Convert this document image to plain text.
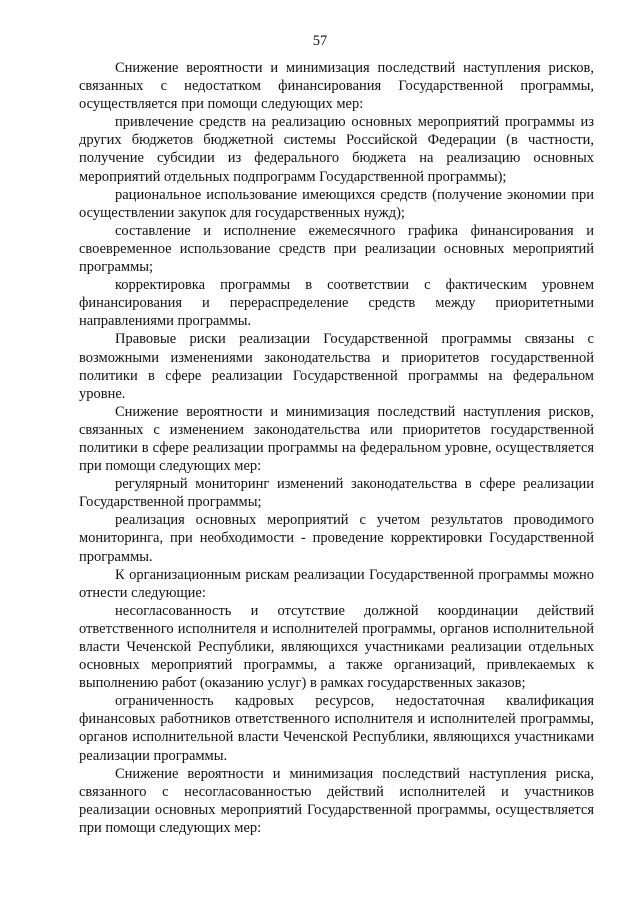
57

Снижение вероятности и минимизация последствий наступления рисков, связанных с недостатком финансирования Государственной программы, осуществляется при помощи следующих мер:

привлечение средств на реализацию основных мероприятий программы из других бюджетов бюджетной системы Российской Федерации (в частности, получение субсидии из федерального бюджета на реализацию основных мероприятий отдельных подпрограмм Государственной программы);

рациональное использование имеющихся средств (получение экономии при осуществлении закупок для государственных нужд);

составление и исполнение ежемесячного графика финансирования и своевременное использование средств при реализации основных мероприятий программы;

корректировка программы в соответствии с фактическим уровнем финансирования и перераспределение средств между приоритетными направлениями программы.

Правовые риски реализации Государственной программы связаны с возможными изменениями законодательства и приоритетов государственной политики в сфере реализации Государственной программы на федеральном уровне.

Снижение вероятности и минимизация последствий наступления рисков, связанных с изменением законодательства или приоритетов государственной политики в сфере реализации программы на федеральном уровне, осуществляется при помощи следующих мер:

регулярный мониторинг изменений законодательства в сфере реализации Государственной программы;

реализация основных мероприятий с учетом результатов проводимого мониторинга, при необходимости - проведение корректировки Государственной программы.

К организационным рискам реализации Государственной программы можно отнести следующие:

несогласованность и отсутствие должной координации действий ответственного исполнителя и исполнителей программы, органов исполнительной власти Чеченской Республики, являющихся участниками реализации отдельных основных мероприятий программы, а также организаций, привлекаемых к выполнению работ (оказанию услуг) в рамках государственных заказов;

ограниченность кадровых ресурсов, недостаточная квалификация финансовых работников ответственного исполнителя и исполнителей программы, органов исполнительной власти Чеченской Республики, являющихся участниками реализации программы.

Снижение вероятности и минимизация последствий наступления риска, связанного с несогласованностью действий исполнителей и участников реализации основных мероприятий Государственной программы, осуществляется при помощи следующих мер:
